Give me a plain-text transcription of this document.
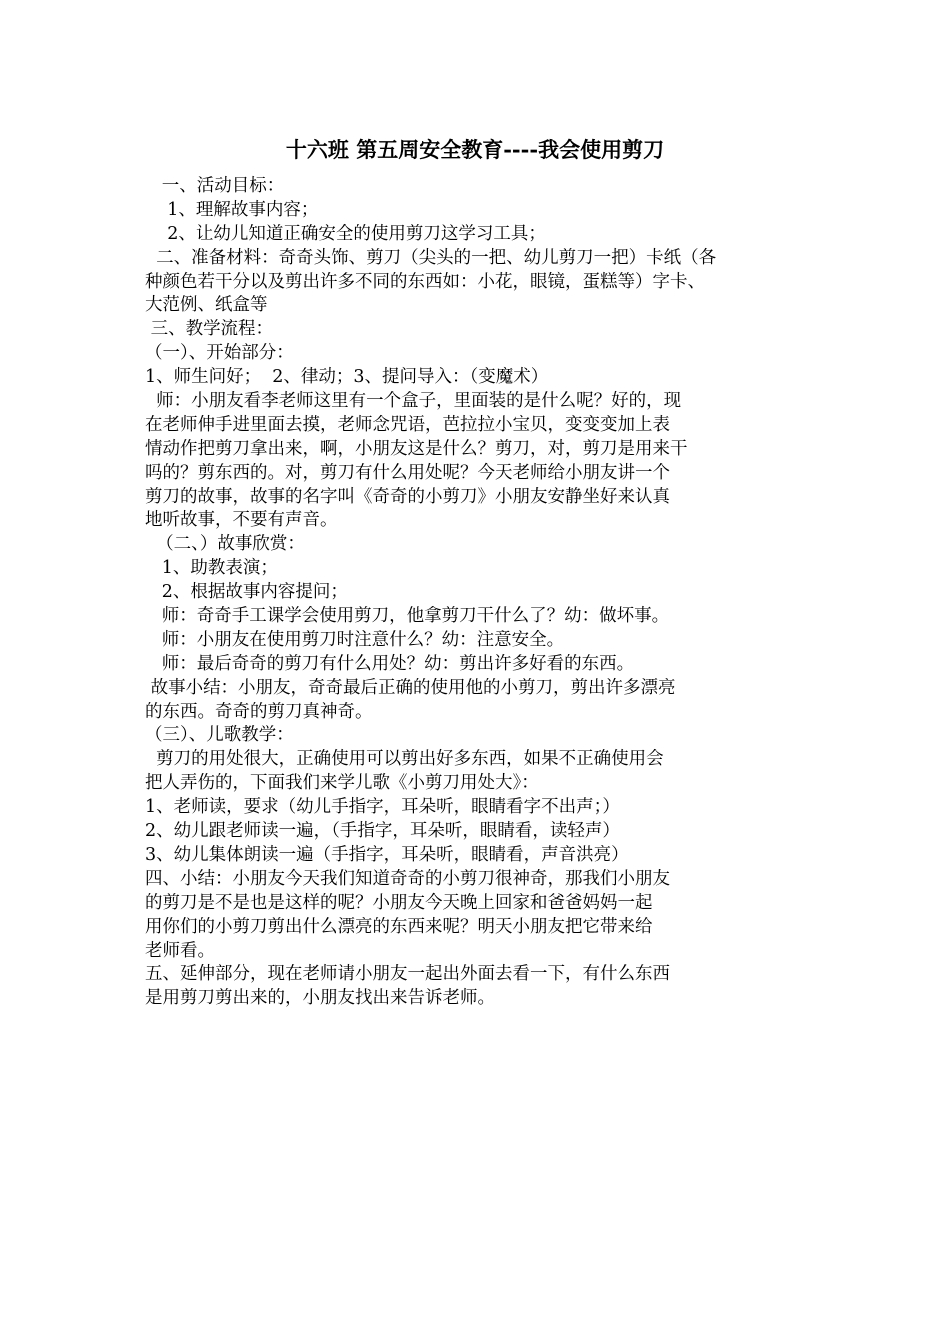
十六班 第五周安全教育----我会使用剪刀
一、活动目标：
1、理解故事内容；
2、让幼儿知道正确安全的使用剪刀这学习工具；
二、准备材料：奇奇头饰、剪刀（尖头的一把、幼儿剪刀一把）卡纸（各
种颜色若干分以及剪出许多不同的东西如：小花，眼镜，蛋糕等）字卡、
大范例、纸盒等
三、教学流程：
（一）、开始部分：
1、师生问好；  2、律动；3、提问导入：（变魔术）
师：小朋友看李老师这里有一个盒子，里面装的是什么呢？好的，现
在老师伸手进里面去摸，老师念咒语，芭拉拉小宝贝，变变变加上表
情动作把剪刀拿出来，啊，小朋友这是什么？剪刀，对，剪刀是用来干
吗的？剪东西的。对，剪刀有什么用处呢？今天老师给小朋友讲一个
剪刀的故事，故事的名字叫《奇奇的小剪刀》小朋友安静坐好来认真
地听故事，不要有声音。
（二、）故事欣赏：
1、助教表演；
2、根据故事内容提问；
师：奇奇手工课学会使用剪刀，他拿剪刀干什么了？幼：做坏事。
师：小朋友在使用剪刀时注意什么？幼：注意安全。
师：最后奇奇的剪刀有什么用处？幼：剪出许多好看的东西。
故事小结：小朋友，奇奇最后正确的使用他的小剪刀，剪出许多漂亮
的东西。奇奇的剪刀真神奇。
（三）、儿歌教学：
剪刀的用处很大，正确使用可以剪出好多东西，如果不正确使用会
把人弄伤的，下面我们来学儿歌《小剪刀用处大》：
1、老师读，要求（幼儿手指字，耳朵听，眼睛看字不出声；）
2、幼儿跟老师读一遍，（手指字，耳朵听，眼睛看，读轻声）
3、幼儿集体朗读一遍（手指字，耳朵听，眼睛看，声音洪亮）
四、小结：小朋友今天我们知道奇奇的小剪刀很神奇，那我们小朋友
的剪刀是不是也是这样的呢？小朋友今天晚上回家和爸爸妈妈一起
用你们的小剪刀剪出什么漂亮的东西来呢？明天小朋友把它带来给
老师看。
五、延伸部分，现在老师请小朋友一起出外面去看一下，有什么东西
是用剪刀剪出来的，小朋友找出来告诉老师。
